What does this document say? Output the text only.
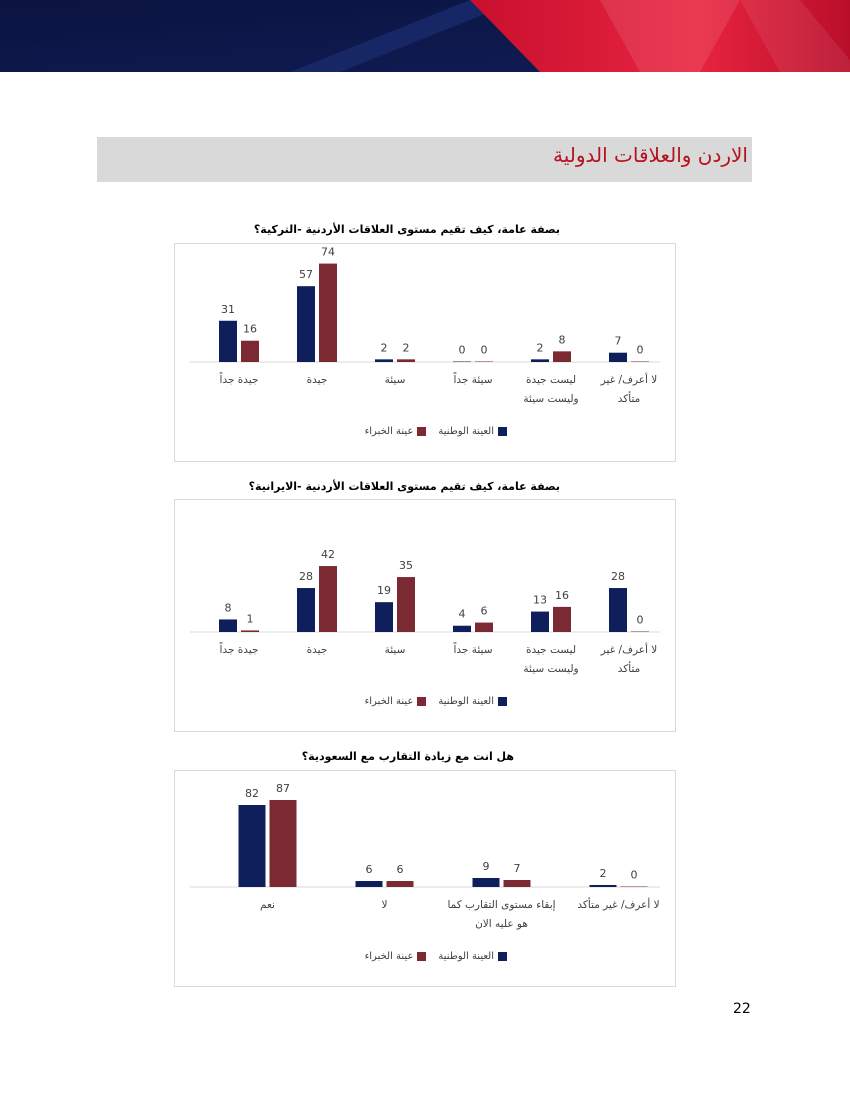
الاردن والعلاقات الدولية
بصفة عامة، كيف تقيم مستوى العلاقات الأردنية -التركية؟
31
16
57
74
2 2	0 0	2
8	7
0
جيدة جداً	جيدة	سيئة	سيئة جداً	ليست جيدة
وليست سيئة
لا أعرف/ غير
متأكد
العينة الوطنية
عينة الخبراء
بصفة عامة، كيف تقيم مستوى العلاقات الأردنية -الايرانية؟
8
1
28
42
19
35
4 6
13 16
28
0
جيدة جداً	جيدة	سيئة	سيئة جداً	ليست جيدة
وليست سيئة
لا أعرف/ غير
متأكد
العينة الوطنية
عينة الخبراء
هل انت مع زيادة التقارب مع السعودية؟
82 87
6 6	9 7	2 0
نعم	لا	إبقاء مستوى التقارب كما
هو عليه الان
لا أعرف/ غير متأكد
العينة الوطنية
عينة الخبراء
22
